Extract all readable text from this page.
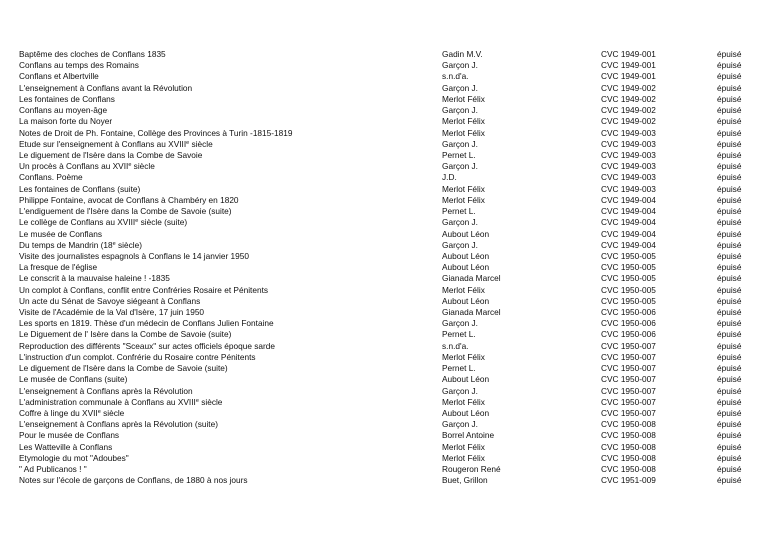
Baptême des cloches de Conflans 1835	Gadin M.V.	CVC 1949-001	épuisé
Conflans au temps des Romains	Garçon J.	CVC 1949-001	épuisé
Conflans et Albertville	s.n.d'a.	CVC 1949-001	épuisé
L'enseignement à Conflans avant la Révolution	Garçon J.	CVC 1949-002	épuisé
Les fontaines de Conflans	Merlot Félix	CVC 1949-002	épuisé
Conflans au moyen-âge	Garçon J.	CVC 1949-002	épuisé
La maison forte du Noyer	Merlot Félix	CVC 1949-002	épuisé
Notes de Droit de Ph. Fontaine, Collège des Provinces à Turin -1815-1819	Merlot Félix	CVC 1949-003	épuisé
Etude sur l'enseignement à Conflans au XVIIIe siècle	Garçon J.	CVC 1949-003	épuisé
Le diguement de l'Isère dans la Combe de Savoie	Pernet L.	CVC 1949-003	épuisé
Un procès à Conflans au XVIIe siècle	Garçon J.	CVC 1949-003	épuisé
Conflans. Poème	J.D.	CVC 1949-003	épuisé
Les fontaines de Conflans (suite)	Merlot Félix	CVC 1949-003	épuisé
Philippe Fontaine, avocat de Conflans à Chambéry en 1820	Merlot Félix	CVC 1949-004	épuisé
L'endiguement de l'Isère dans la Combe de Savoie (suite)	Pernet L.	CVC 1949-004	épuisé
Le collège de Conflans au XVIIIe siècle (suite)	Garçon J.	CVC 1949-004	épuisé
Le musée de Conflans	Aubout Léon	CVC 1949-004	épuisé
Du temps de Mandrin (18e siècle)	Garçon J.	CVC 1949-004	épuisé
Visite des journalistes espagnols à Conflans le 14 janvier 1950	Aubout Léon	CVC 1950-005	épuisé
La fresque de l'église	Aubout Léon	CVC 1950-005	épuisé
Le conscrit à la mauvaise haleine ! -1835	Gianada Marcel	CVC 1950-005	épuisé
Un complot à Conflans, conflit entre Confréries Rosaire et Pénitents	Merlot Félix	CVC 1950-005	épuisé
Un acte du Sénat de Savoye siégeant à Conflans	Aubout Léon	CVC 1950-005	épuisé
Visite de l'Académie de la Val d'Isère, 17 juin 1950	Gianada Marcel	CVC 1950-006	épuisé
Les sports en 1819. Thèse d'un médecin de Conflans Julien Fontaine	Garçon J.	CVC 1950-006	épuisé
Le Diguement de l' Isère dans la Combe de Savoie (suite)	Pernet L.	CVC 1950-006	épuisé
Reproduction des différents "Sceaux" sur actes officiels époque sarde	s.n.d'a.	CVC 1950-007	épuisé
L'instruction d'un complot. Confrérie du Rosaire contre Pénitents	Merlot Félix	CVC 1950-007	épuisé
Le diguement de l'Isère dans la Combe de Savoie (suite)	Pernet L.	CVC 1950-007	épuisé
Le musée de Conflans (suite)	Aubout Léon	CVC 1950-007	épuisé
L'enseignement à Conflans après la Révolution	Garçon J.	CVC 1950-007	épuisé
L'administration communale à Conflans au XVIIIe siècle	Merlot Félix	CVC 1950-007	épuisé
Coffre à linge du XVIIe siècle	Aubout Léon	CVC 1950-007	épuisé
L'enseignement à Conflans après la Révolution (suite)	Garçon J.	CVC 1950-008	épuisé
Pour le musée de Conflans	Borrel Antoine	CVC 1950-008	épuisé
Les Watteville à Conflans	Merlot Félix	CVC 1950-008	épuisé
Etymologie du mot "Adoubes"	Merlot Félix	CVC 1950-008	épuisé
" Ad Publicanos ! "	Rougeron René	CVC 1950-008	épuisé
Notes sur l'école de garçons de Conflans, de 1880 à nos jours	Buet, Grillon	CVC 1951-009	épuisé
